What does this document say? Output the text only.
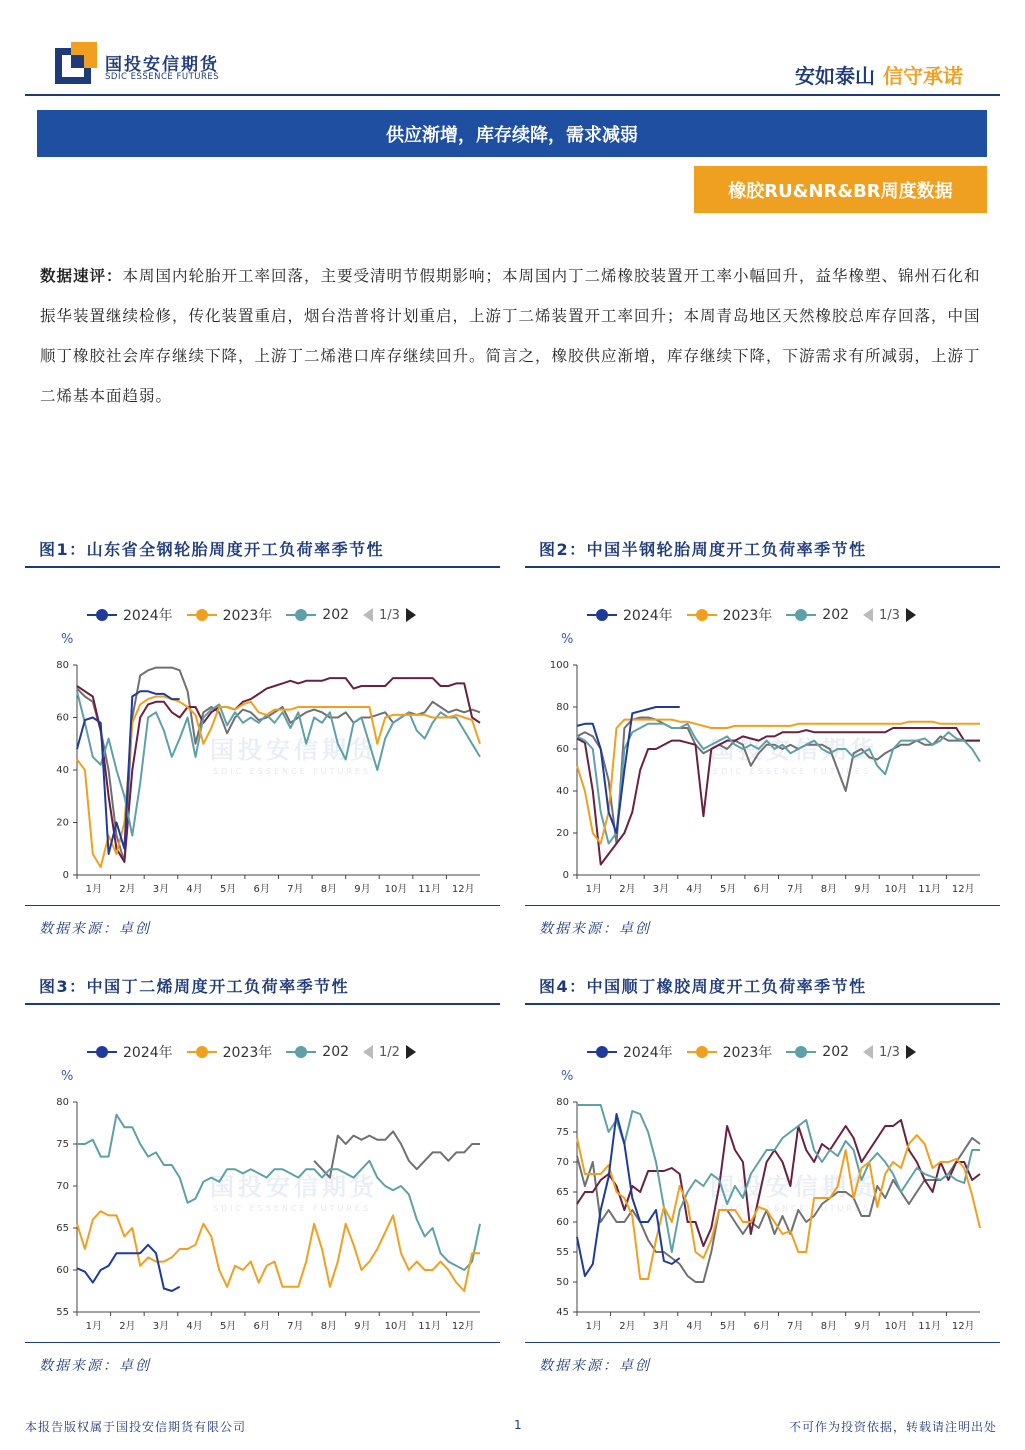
国投安信期货
SDIC ESSENCE FUTURES	安如泰山 信守承诺
供应渐增，库存续降，需求减弱
橡胶RU&NR&BR周度数据
数据速评：本周国内轮胎开工率回落，主要受清明节假期影响；本周国内丁二烯橡胶装置开工率小幅回升，益华橡塑、锦州石化和振华装置继续检修，传化装置重启，烟台浩普将计划重启，上游丁二烯装置开工率回升；本周青岛地区天然橡胶总库存回落，中国顺丁橡胶社会库存继续下降，上游丁二烯港口库存继续回升。简言之，橡胶供应渐增，库存继续下降，下游需求有所减弱，上游丁二烯基本面趋弱。
图1：山东省全钢轮胎周度开工负荷率季节性
2024年	2023年	202 1/3
%
国投安信期货
SDIC ESSENCE FUTURES
0
20
40
60
80
1月 2月 3月 4月 5月 6月 7月 8月 9月 10月 11月 12月
数据来源：卓创
图2：中国半钢轮胎周度开工负荷率季节性
2024年	2023年	202 1/3
%
国投安信期货
SDIC ESSENCE FUTURES
0
20
40
60
80
100
1月 2月 3月 4月 5月 6月 7月 8月 9月 10月 11月 12月
数据来源：卓创
图3：中国丁二烯周度开工负荷率季节性
2024年	2023年	202 1/2
%
国投安信期货
SDIC ESSENCE FUTURES
55
60
65
70
75
80
1月 2月 3月 4月 5月 6月 7月 8月 9月 10月 11月 12月
数据来源：卓创
图4：中国顺丁橡胶周度开工负荷率季节性
2024年	2023年	202 1/3
%
国投安信期货
SDIC ESSENCE FUTURES
45
50
55
60
65
70
75
80
1月 2月 3月 4月 5月 6月 7月 8月 9月 10月 11月 12月
数据来源：卓创
本报告版权属于国投安信期货有限公司	1	不可作为投资依据，转载请注明出处
